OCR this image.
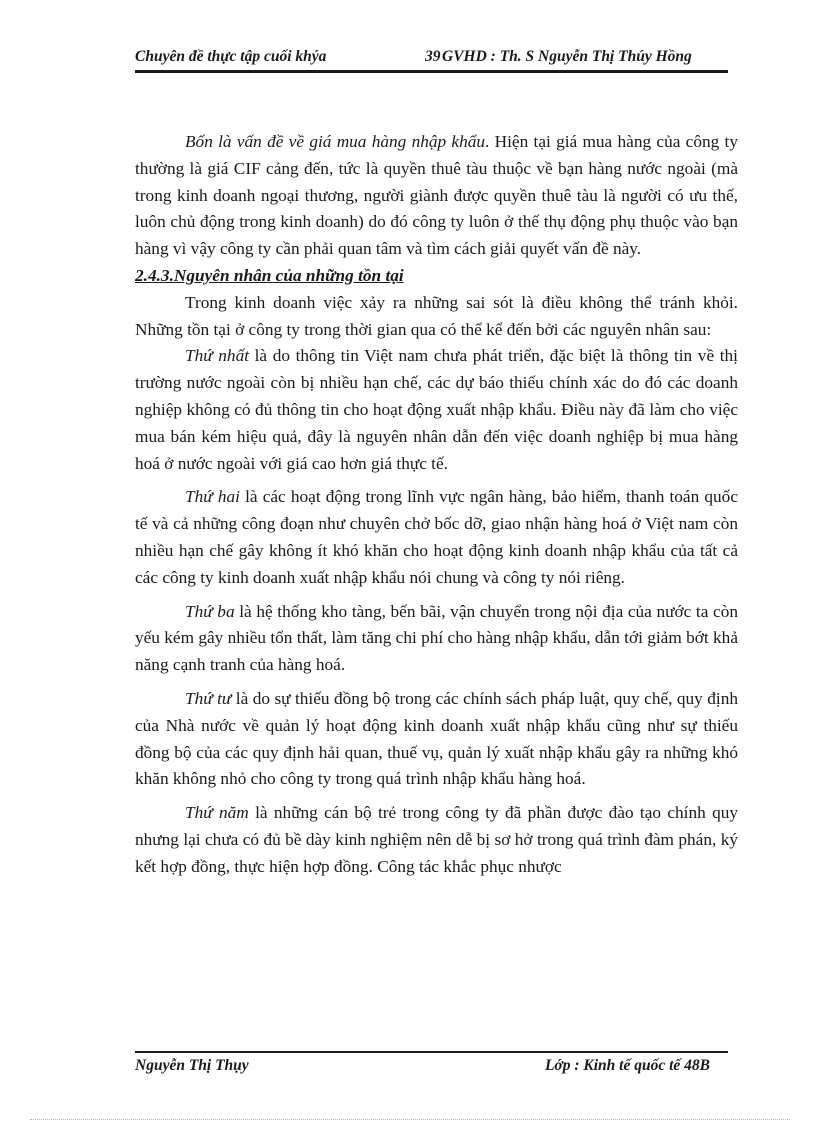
Chuyên đề thực tập cuối khýa	39 GVHD : Th. S Nguyễn Thị Thúy Hồng

Bốn là vấn đề về giá mua hàng nhập khẩu. Hiện tại giá mua hàng của công ty thường là giá CIF cảng đến, tức là quyền thuê tàu thuộc về bạn hàng nước ngoài (mà trong kinh doanh ngoại thương, người giành được quyền thuê tàu là người có ưu thế, luôn chủ động trong kinh doanh) do đó công ty luôn ở thế thụ động phụ thuộc vào bạn hàng vì vậy công ty cần phải quan tâm và tìm cách giải quyết vấn đề này.

2.4.3.Nguyên nhân của những tồn tại

Trong kinh doanh việc xảy ra những sai sót là điều không thể tránh khỏi. Những tồn tại ở công ty trong thời gian qua có thể kể đến bởi các nguyên nhân sau:

Thứ nhất là do thông tin Việt nam chưa phát triển, đặc biệt là thông tin về thị trường nước ngoài còn bị nhiều hạn chế, các dự báo thiếu chính xác do đó các doanh nghiệp không có đủ thông tin cho hoạt động xuất nhập khẩu. Điều này đã làm cho việc mua bán kém hiệu quả, đây là nguyên nhân dẫn đến việc doanh nghiệp bị mua hàng hoá ở nước ngoài với giá cao hơn giá thực tế.

Thứ hai là các hoạt động trong lĩnh vực ngân hàng, bảo hiểm, thanh toán quốc tế và cả những công đoạn như chuyên chở bốc dỡ, giao nhận hàng hoá ở Việt nam còn nhiều hạn chế gây không ít khó khăn cho hoạt động kinh doanh nhập khẩu của tất cả các công ty kinh doanh xuất nhập khẩu nói chung và công ty nói riêng.

Thứ ba là hệ thống kho tàng, bến bãi, vận chuyển trong nội địa của nước ta còn yếu kém gây nhiều tổn thất, làm tăng chi phí cho hàng nhập khẩu, dẫn tới giảm bớt khả năng cạnh tranh của hàng hoá.

Thứ tư là do sự thiếu đồng bộ trong các chính sách pháp luật, quy chế, quy định của Nhà nước về quản lý hoạt động kinh doanh xuất nhập khẩu cũng như sự thiếu đồng bộ của các quy định hải quan, thuế vụ, quản lý xuất nhập khẩu gây ra những khó khăn không nhỏ cho công ty trong quá trình nhập khẩu hàng hoá.

Thứ năm là những cán bộ trẻ trong công ty đã phần được đào tạo chính quy nhưng lại chưa có đủ bề dày kinh nghiệm nên dễ bị sơ hở trong quá trình đàm phán, ký kết hợp đồng, thực hiện hợp đồng. Công tác khắc phục nhược

Nguyễn Thị Thụy	Lớp : Kinh tế quốc tế 48B
